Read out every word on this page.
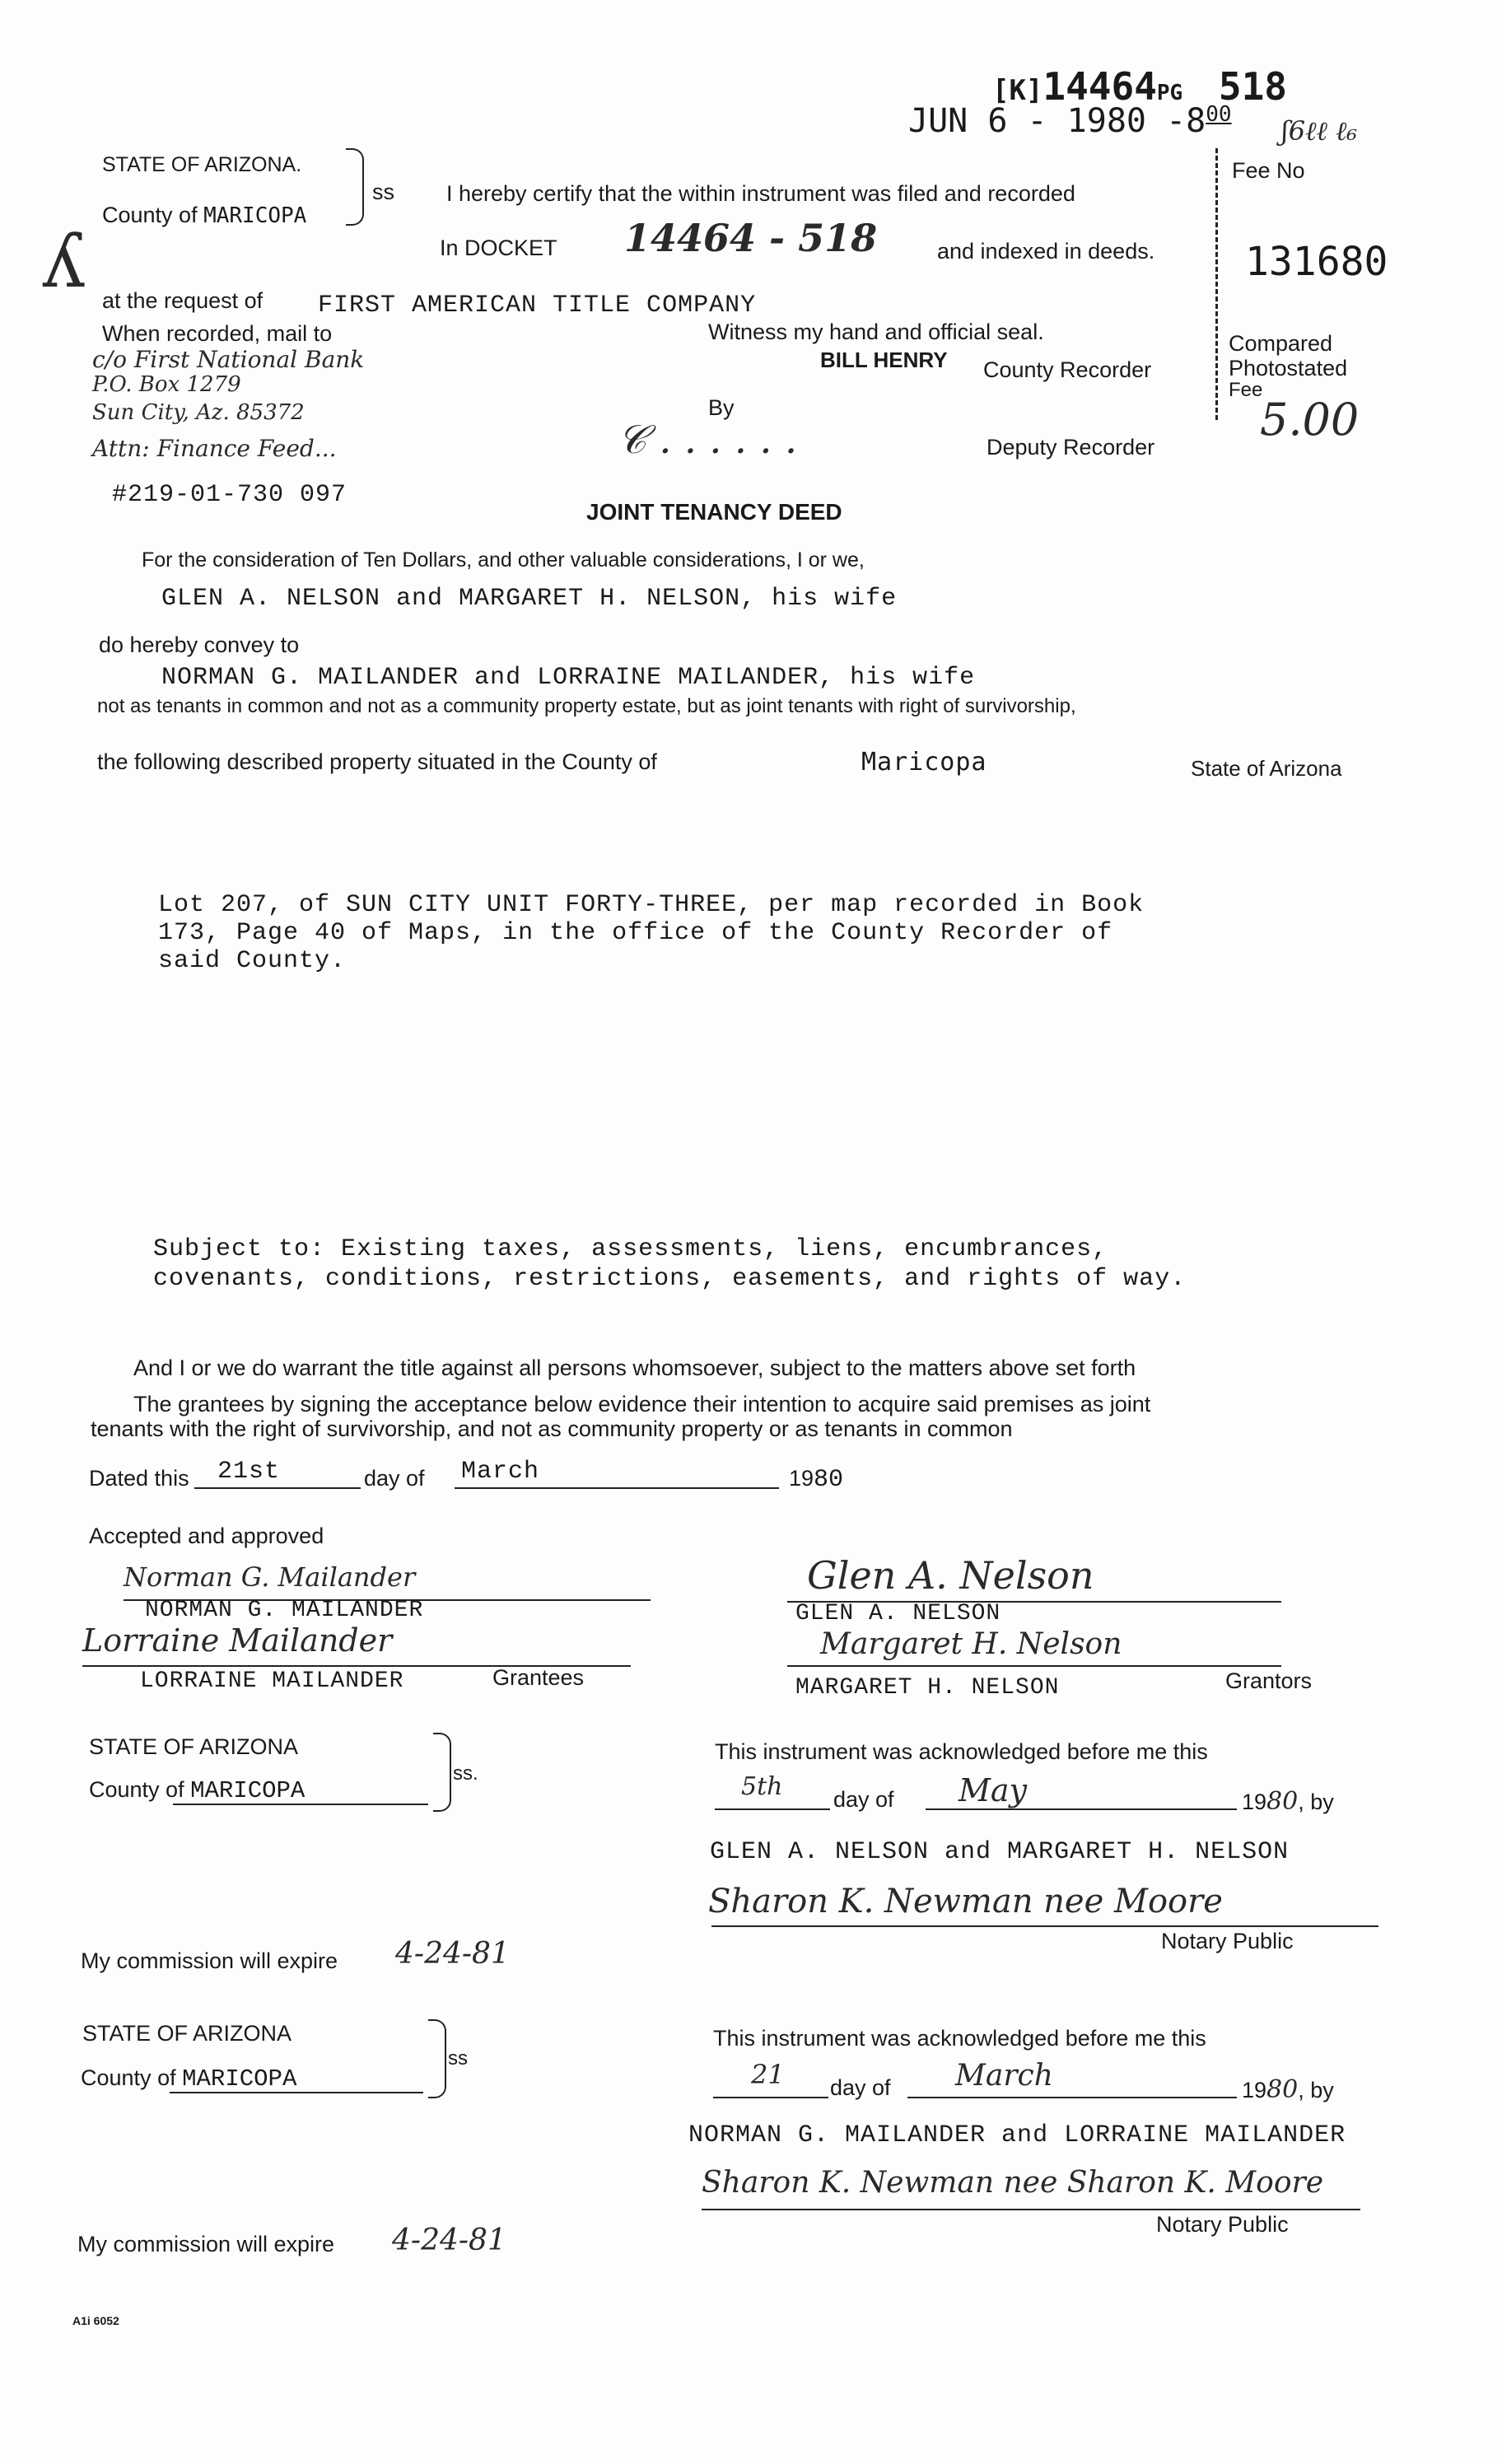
[K]14464PG 518
JUN 6 - 1980 $-8^{00}$
ʃ6ℓℓ ℓ₆
ʎ
STATE OF ARIZONA.
ss
County of MARICOPA
I hereby certify that the within instrument was filed and recorded
In DOCKET 14464 - 518	and indexed in deeds.
at the request of FIRST AMERICAN TITLE COMPANY
When recorded, mail to	Witness my hand and official seal.
BILL HENRY County Recorder
c/o First National Bank
P.O. Box 1279
Sun City, Az. 85372
Attn: Finance Feed...
By
𝒞 . . . . . .	Deputy Recorder
Fee No
131680
Compared
Photostated
Fee
5.00
#219-01-730 097
JOINT TENANCY DEED
For the consideration of Ten Dollars, and other valuable considerations, I or we,
GLEN A. NELSON and MARGARET H. NELSON, his wife
do hereby convey to
NORMAN G. MAILANDER and LORRAINE MAILANDER, his wife
not as tenants in common and not as a community property estate, but as joint tenants with right of survivorship,
the following described property situated in the County of	Maricopa	State of Arizona
Lot 207, of SUN CITY UNIT FORTY-THREE, per map recorded in Book
173, Page 40 of Maps, in the office of the County Recorder of
said County.
Subject to: Existing taxes, assessments, liens, encumbrances,
covenants, conditions, restrictions, easements, and rights of way.
And I or we do warrant the title against all persons whomsoever, subject to the matters above set forth
The grantees by signing the acceptance below evidence their intention to acquire said premises as joint
tenants with the right of survivorship, and not as community property or as tenants in common
Dated this 21st	day of March	1980
Accepted and approved
Norman G. Mailander
NORMAN G. MAILANDER
Lorraine Mailander
LORRAINE MAILANDER	Grantees
Glen A. Nelson
GLEN A. NELSON
Margaret H. Nelson
MARGARET H. NELSON	Grantors
STATE OF ARIZONA
County of MARICOPA
ss.
This instrument was acknowledged before me this
5th day of May	1980, by
GLEN A. NELSON and MARGARET H. NELSON
Sharon K. Newman nee Moore
Notary Public
My commission will expire 4-24-81
STATE OF ARIZONA
County of MARICOPA
ss
This instrument was acknowledged before me this
21 day of March	1980, by
NORMAN G. MAILANDER and LORRAINE MAILANDER
Sharon K. Newman nee Sharon K. Moore
Notary Public
My commission will expire 4-24-81
A1i 6052
